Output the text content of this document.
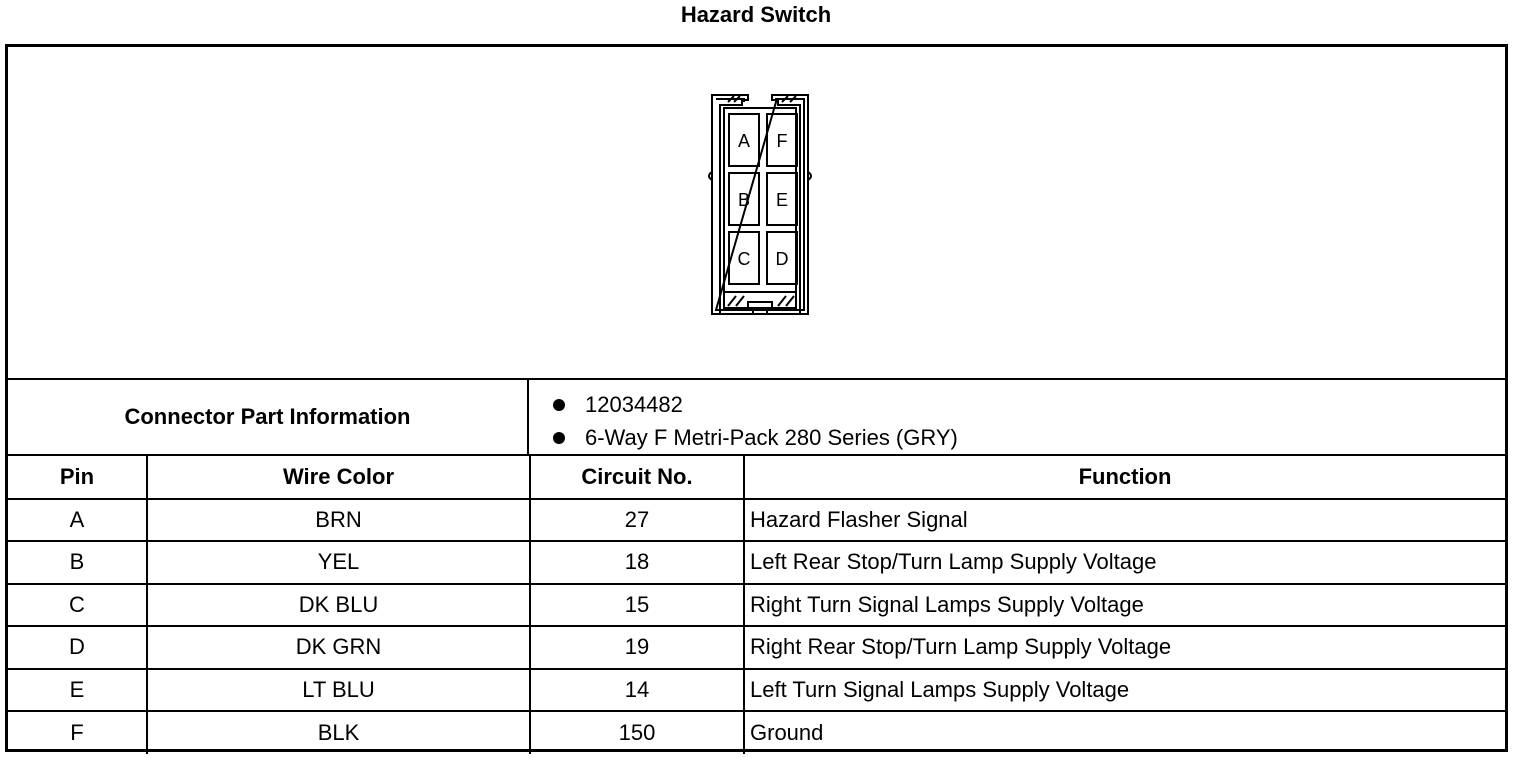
Hazard Switch
A F
B E
C D
Connector Part Information	12034482
6-Way F Metri-Pack 280 Series (GRY)
Pin	Wire Color	Circuit No.	Function
A	BRN	27	Hazard Flasher Signal
B	YEL	18	Left Rear Stop/Turn Lamp Supply Voltage
C	DK BLU	15	Right Turn Signal Lamps Supply Voltage
D	DK GRN	19	Right Rear Stop/Turn Lamp Supply Voltage
E	LT BLU	14	Left Turn Signal Lamps Supply Voltage
F	BLK	150	Ground
